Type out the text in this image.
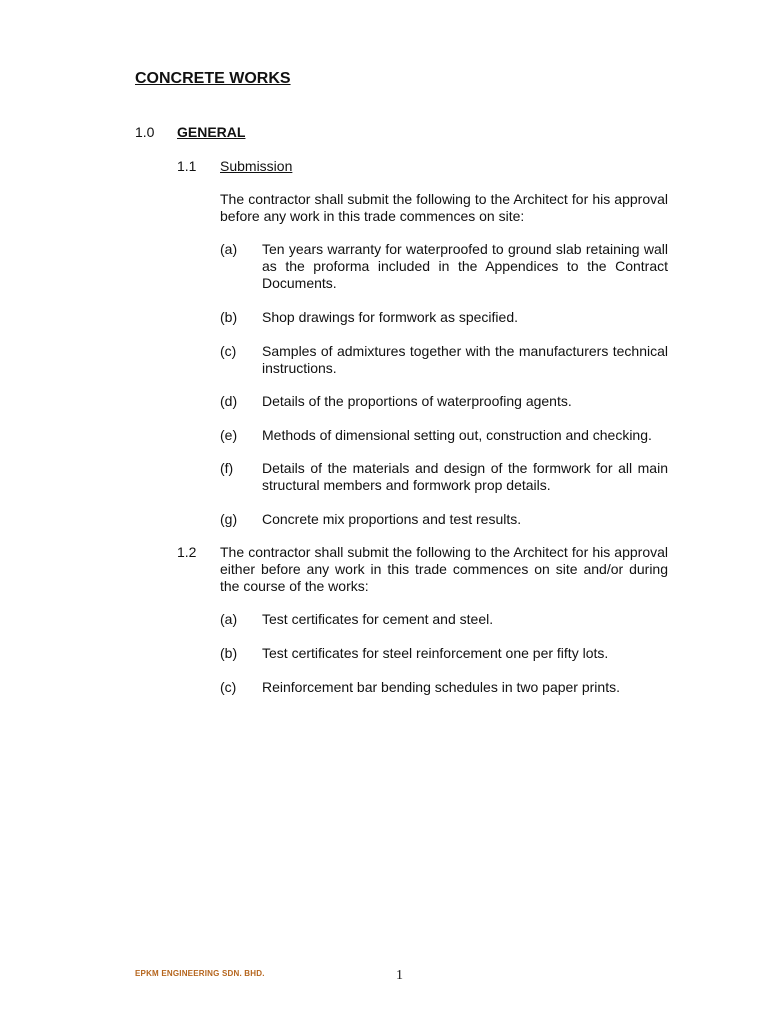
CONCRETE WORKS
1.0 GENERAL
1.1 Submission
The contractor shall submit the following to the Architect for his approval before any work in this trade commences on site:
(a) Ten years warranty for waterproofed to ground slab retaining wall as the proforma included in the Appendices to the Contract Documents.
(b) Shop drawings for formwork as specified.
(c) Samples of admixtures together with the manufacturers technical instructions.
(d) Details of the proportions of waterproofing agents.
(e) Methods of dimensional setting out, construction and checking.
(f) Details of the materials and design of the formwork for all main structural members and formwork prop details.
(g) Concrete mix proportions and test results.
1.2 The contractor shall submit the following to the Architect for his approval either before any work in this trade commences on site and/or during the course of the works:
(a) Test certificates for cement and steel.
(b) Test certificates for steel reinforcement one per fifty lots.
(c) Reinforcement bar bending schedules in two paper prints.
EPKM ENGINEERING SDN. BHD.	1
